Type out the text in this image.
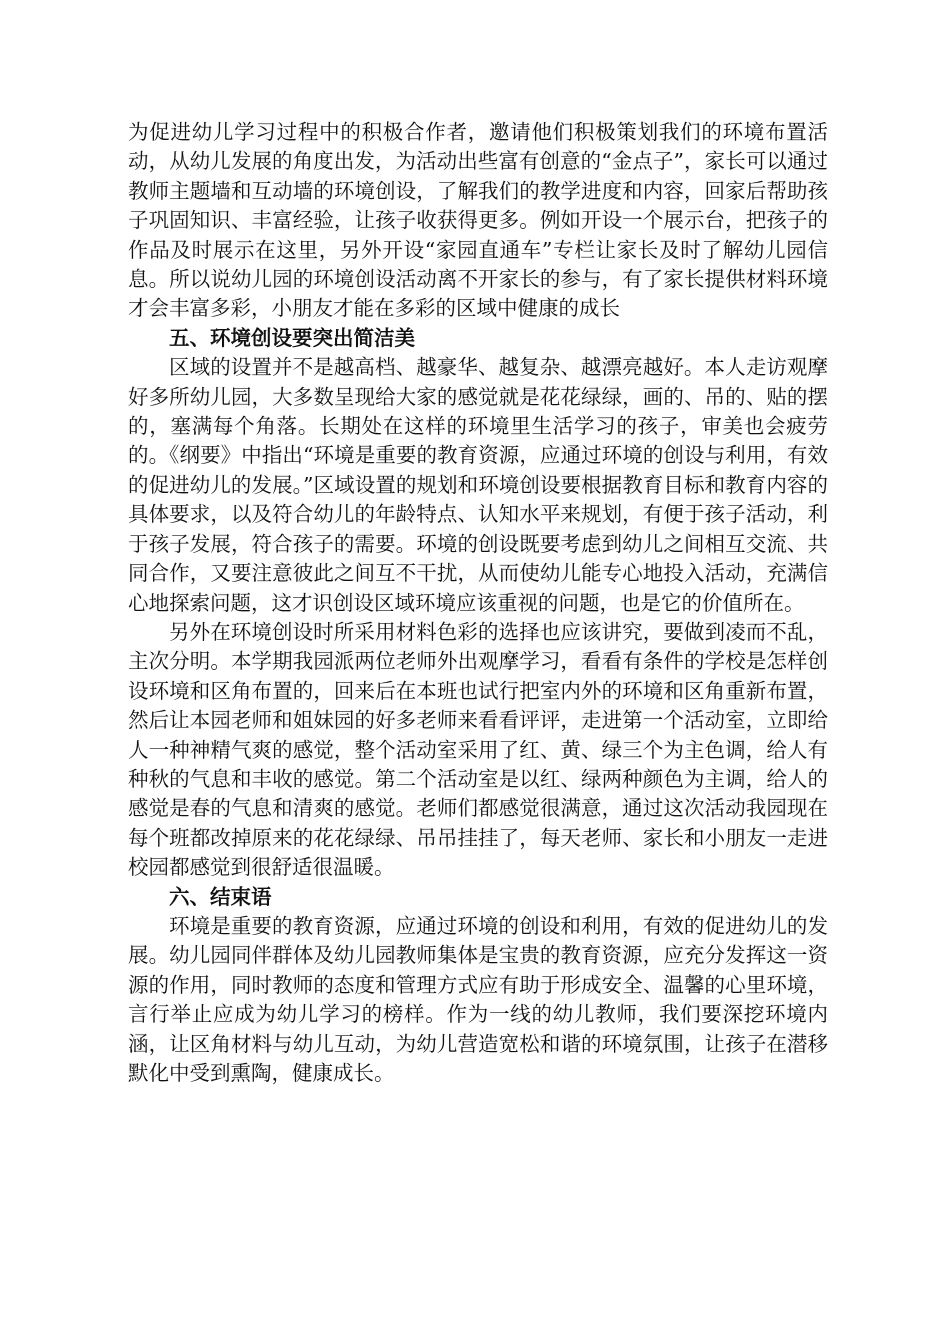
为促进幼儿学习过程中的积极合作者，邀请他们积极策划我们的环境布置活动，从幼儿发展的角度出发，为活动出些富有创意的“金点子”，家长可以通过教师主题墙和互动墙的环境创设，了解我们的教学进度和内容，回家后帮助孩子巩固知识、丰富经验，让孩子收获得更多。例如开设一个展示台，把孩子的作品及时展示在这里，另外开设“家园直通车”专栏让家长及时了解幼儿园信息。所以说幼儿园的环境创设活动离不开家长的参与，有了家长提供材料环境才会丰富多彩，小朋友才能在多彩的区域中健康的成长

五、环境创设要突出简洁美

区域的设置并不是越高档、越豪华、越复杂、越漂亮越好。本人走访观摩好多所幼儿园，大多数呈现给大家的感觉就是花花绿绿，画的、吊的、贴的摆的，塞满每个角落。长期处在这样的环境里生活学习的孩子，审美也会疲劳的。《纲要》中指出“环境是重要的教育资源，应通过环境的创设与利用，有效的促进幼儿的发展。”区域设置的规划和环境创设要根据教育目标和教育内容的具体要求，以及符合幼儿的年龄特点、认知水平来规划，有便于孩子活动，利于孩子发展，符合孩子的需要。环境的创设既要考虑到幼儿之间相互交流、共同合作，又要注意彼此之间互不干扰，从而使幼儿能专心地投入活动，充满信心地探索问题，这才识创设区域环境应该重视的问题，也是它的价值所在。

另外在环境创设时所采用材料色彩的选择也应该讲究，要做到凌而不乱，主次分明。本学期我园派两位老师外出观摩学习，看看有条件的学校是怎样创设环境和区角布置的，回来后在本班也试行把室内外的环境和区角重新布置，然后让本园老师和姐妹园的好多老师来看看评评，走进第一个活动室，立即给人一种神精气爽的感觉，整个活动室采用了红、黄、绿三个为主色调，给人有种秋的气息和丰收的感觉。第二个活动室是以红、绿两种颜色为主调，给人的感觉是春的气息和清爽的感觉。老师们都感觉很满意，通过这次活动我园现在每个班都改掉原来的花花绿绿、吊吊挂挂了，每天老师、家长和小朋友一走进校园都感觉到很舒适很温暖。

六、结束语

环境是重要的教育资源，应通过环境的创设和利用，有效的促进幼儿的发展。幼儿园同伴群体及幼儿园教师集体是宝贵的教育资源，应充分发挥这一资源的作用，同时教师的态度和管理方式应有助于形成安全、温馨的心里环境，言行举止应成为幼儿学习的榜样。作为一线的幼儿教师，我们要深挖环境内涵，让区角材料与幼儿互动，为幼儿营造宽松和谐的环境氛围，让孩子在潜移默化中受到熏陶，健康成长。
